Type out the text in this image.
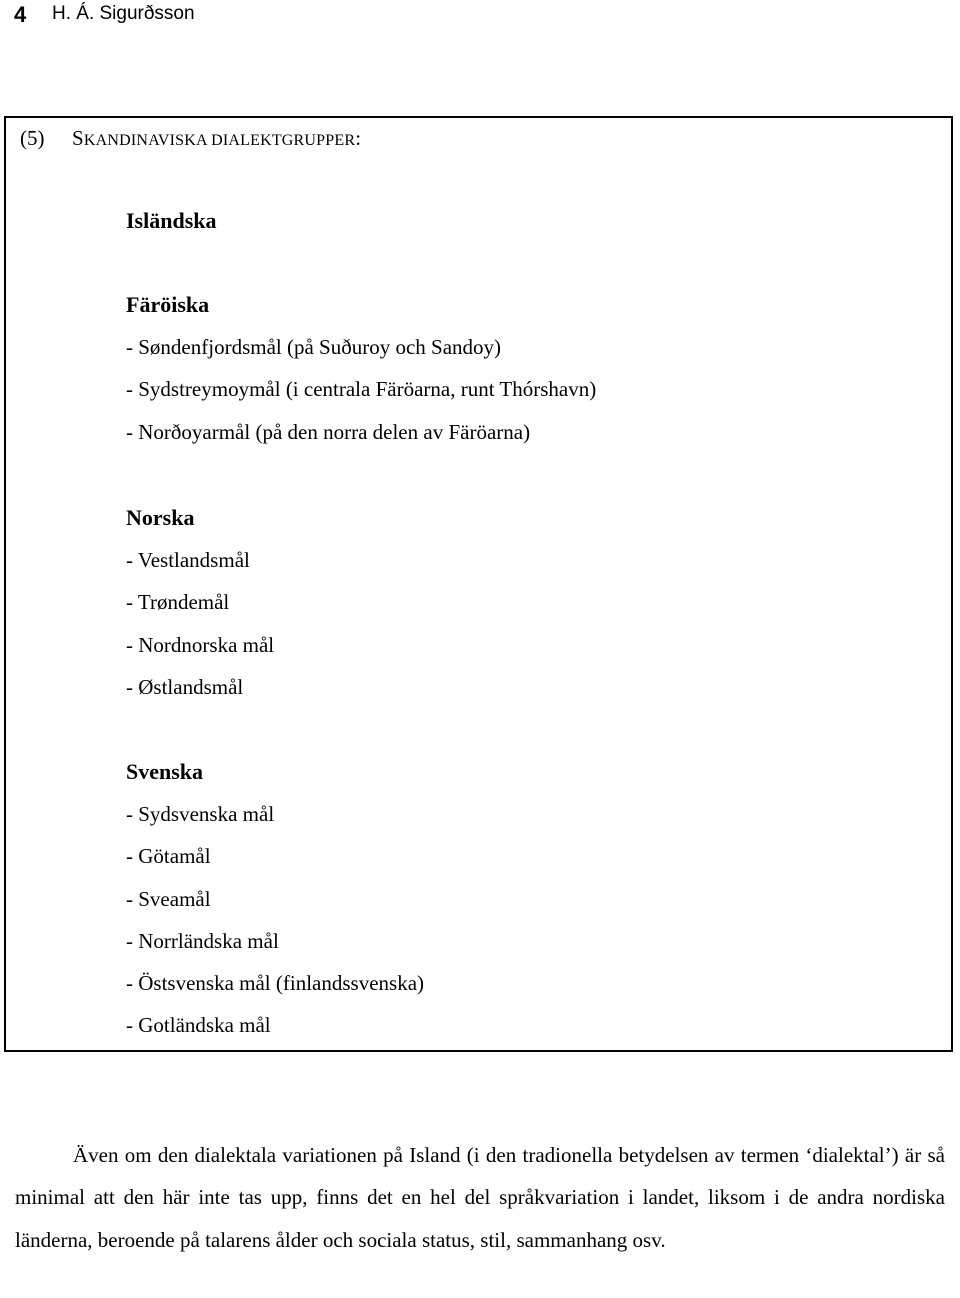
4 H. Á. Sigurðsson
(5) SKANDINAVISKA DIALEKTGRUPPER:
Isländska
Färöiska
- Søndenfjordsmål (på Suðuroy och Sandoy)
- Sydstreymoymål (i centrala Färöarna, runt Thórshavn)
- Norðoyarmål (på den norra delen av Färöarna)
Norska
- Vestlandsmål
- Trøndemål
- Nordnorska mål
- Østlandsmål
Svenska
- Sydsvenska mål
- Götamål
- Sveamål
- Norrländska mål
- Östsvenska mål (finlandssvenska)
- Gotländska mål
Även om den dialektala variationen på Island (i den tradionella betydelsen av termen ‘dialektal’) är så minimal att den här inte tas upp, finns det en hel del språkvariation i landet, liksom i de andra nordiska länderna, beroende på talarens ålder och sociala status, stil, sammanhang osv.
